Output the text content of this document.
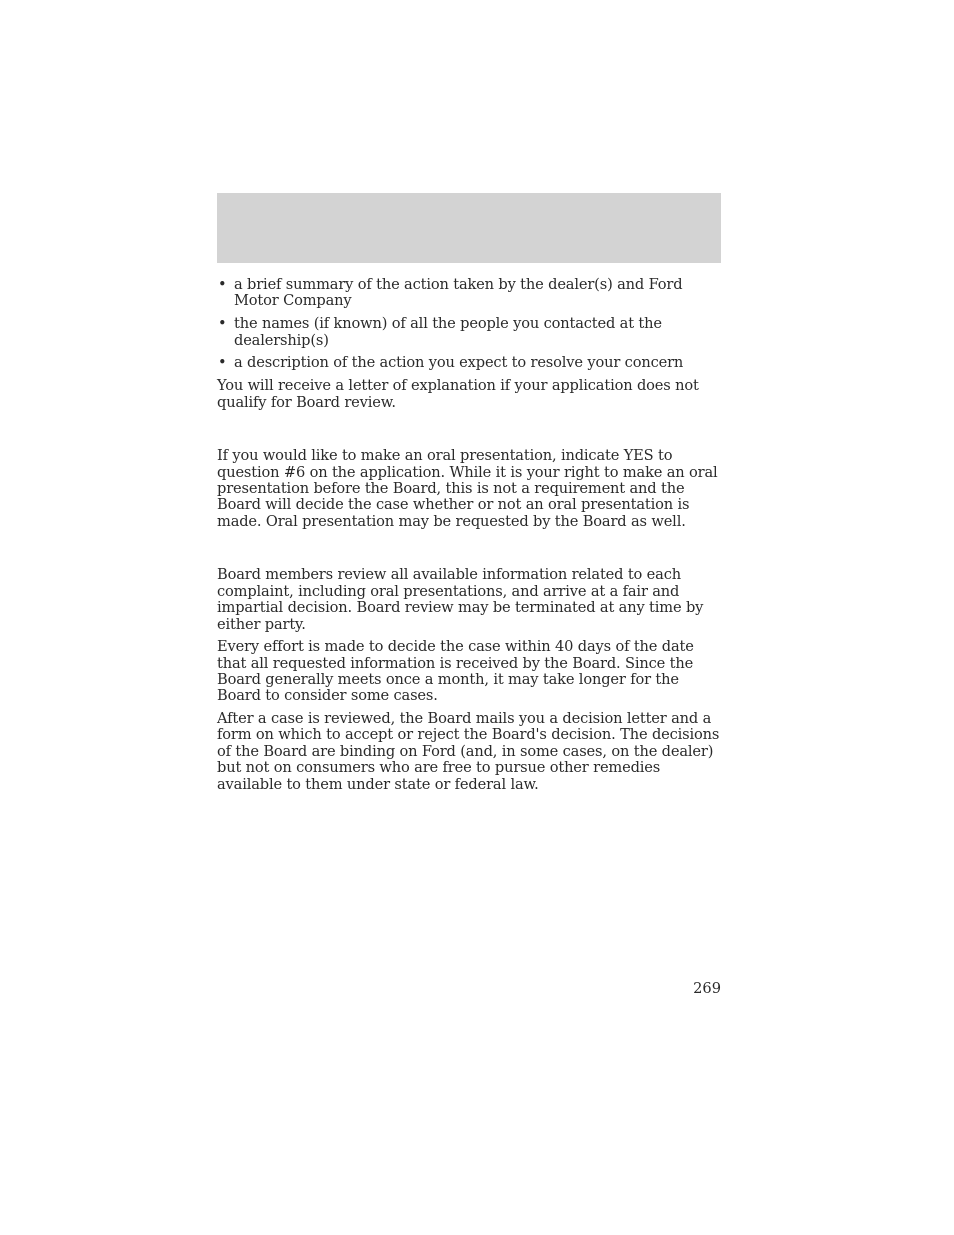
• a brief summary of the action taken by the dealer(s) and Ford Motor Company
• the names (if known) of all the people you contacted at the dealership(s)
• a description of the action you expect to resolve your concern

You will receive a letter of explanation if your application does not qualify for Board review.

If you would like to make an oral presentation, indicate YES to question #6 on the application. While it is your right to make an oral presentation before the Board, this is not a requirement and the Board will decide the case whether or not an oral presentation is made. Oral presentation may be requested by the Board as well.

Board members review all available information related to each complaint, including oral presentations, and arrive at a fair and impartial decision. Board review may be terminated at any time by either party.

Every effort is made to decide the case within 40 days of the date that all requested information is received by the Board. Since the Board generally meets once a month, it may take longer for the Board to consider some cases.

After a case is reviewed, the Board mails you a decision letter and a form on which to accept or reject the Board's decision. The decisions of the Board are binding on Ford (and, in some cases, on the dealer) but not on consumers who are free to pursue other remedies available to them under state or federal law.

269
